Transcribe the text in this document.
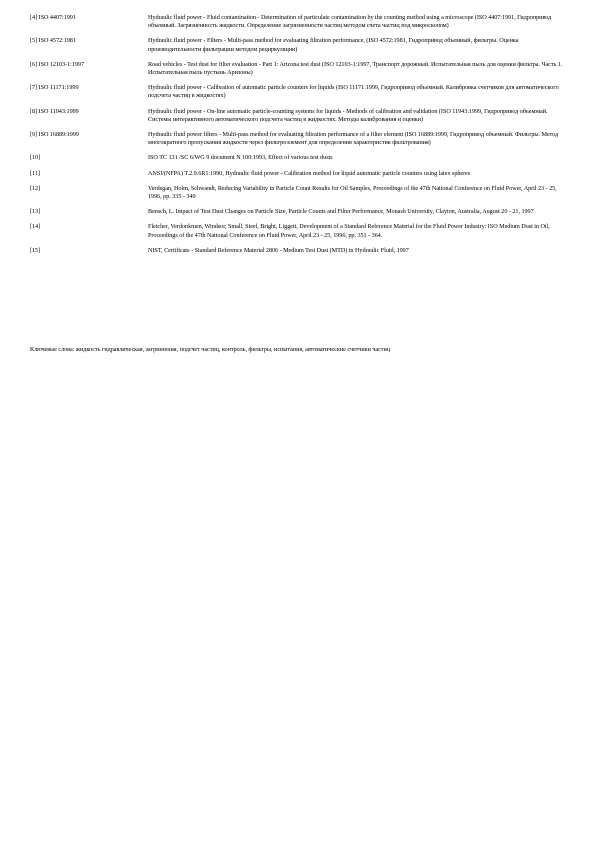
[4] ISO 4407:1991	Hydraulic fluid power - Fluid contamination - Determination of particulate contamination by the counting method using a microscope (ISO 4407:1991, Гидропривод объемный. Загрязненность жидкости. Определение загрязненности частиц методом счета частиц под микроскопом)
[5] ISO 4572:1981	Hydraulic fluid power - Filters - Multi-pass method for evaluating filtration performance, (ISO 4572:1981, Гидропривод объемный, фильтры. Оценка производительности фильтрации методом рециркуляции)
[6] ISO 12103-1:1997	Road vehicles - Test dust for filter evaluation - Part 1: Arizona test dust (ISO 12103-1:1997, Транспорт дорожный. Испытательная пыль для оценки фильтра. Часть 1. Испытательная пыль пустынь Аризоны)
[7] ISO 11171:1999	Hydraulic fluid power - Calibration of automatic particle counters for liquids (ISO 11171:1999, Гидропривод объемный. Калибровка счетчиков для автоматического подсчета частиц в жидкостях)
[8] ISO 11943:1999	Hydraulic fluid power - On-line automatic particle-counting systems for liquids - Methods of calibration and validation (ISO 11943:1999, Гидропривод объемный. Системы интерактивного автоматического подсчета частиц в жидкостях. Методы калибрования и оценки)
[9] ISO 16889:1999	Hydraulic fluid power filters - Multi-pass method for evaluating filtration performance of a filter element (ISO 16889:1999, Гидропривод объемный. Фильтры. Метод многократного пропускания жидкости через фильтроэлемент для определения характеристик фильтрования)
[10]	ISO TC 131 /SC 6/WG 9 document N 100:1993, Effect of various test dusts
[11]	ANSI/(NFPA) T.2.9.6R1:1990, Hydraulic fluid power - Calibration method for liquid automatic particle counters using latex spheres
[12]	Verdegan, Holm, Schwandt, Reducing Variability in Particle Count Results for Oil Samples, Proceedings of the 47th National Conference on Fluid Power, April 23 - 25, 1996, pp. 335 - 349
[13]	Bensch, L. Impact of Test Dust Changes on Particle Size, Particle Counts and Filter Performance, Monash University, Clayton, Australia, August 20 - 21, 1997
[14]	Fletcher, Verdonkmen, Windsor, Small, Steel, Bright, Liggett, Development of a Standard Reference Material for the Fluid Power Industry: ISO Medium Dust in Oil, Proceedings of the 47th National Conference on Fluid Power, April 23 - 25, 1996, pp. 351 - 364.
[15]	NIST, Certificate - Standard Reference Material 2806 - Medium Test Dust (MTD) in Hydraulic Fluid, 1997
Ключевые слова: жидкость гидравлическая, загрязнения, подсчет частиц, контроль, фильтры, испытания, автоматические счетчики частиц
